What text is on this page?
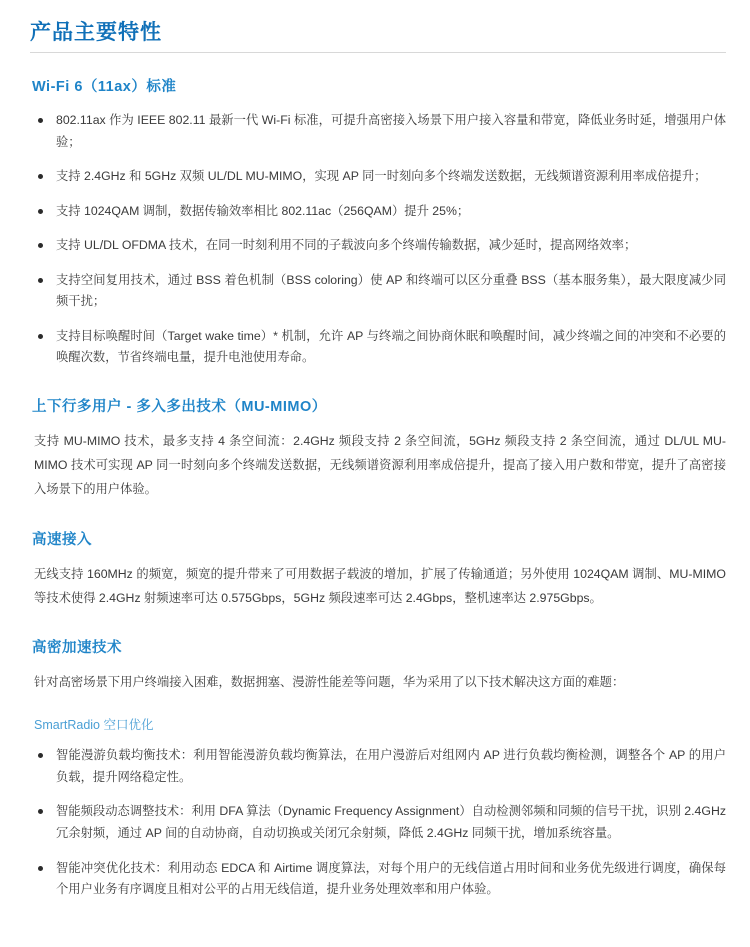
产品主要特性
Wi-Fi 6（11ax）标准
802.11ax 作为 IEEE 802.11 最新一代 Wi-Fi 标准，可提升高密接入场景下用户接入容量和带宽，降低业务时延，增强用户体验；
支持 2.4GHz 和 5GHz 双频 UL/DL MU-MIMO，实现 AP 同一时刻向多个终端发送数据，无线频谱资源利用率成倍提升；
支持 1024QAM 调制，数据传输效率相比 802.11ac（256QAM）提升 25%；
支持 UL/DL OFDMA 技术，在同一时刻利用不同的子载波向多个终端传输数据，减少延时，提高网络效率；
支持空间复用技术，通过 BSS 着色机制（BSS coloring）使 AP 和终端可以区分重叠 BSS（基本服务集），最大限度减少同频干扰；
支持目标唤醒时间（Target wake time）* 机制，允许 AP 与终端之间协商休眠和唤醒时间，减少终端之间的冲突和不必要的唤醒次数，节省终端电量，提升电池使用寿命。
上下行多用户 - 多入多出技术（MU-MIMO）

支持 MU-MIMO 技术，最多支持 4 条空间流：2.4GHz 频段支持 2 条空间流，5GHz 频段支持 2 条空间流，通过 DL/UL MU-MIMO 技术可实现 AP 同一时刻向多个终端发送数据，无线频谱资源利用率成倍提升，提高了接入用户数和带宽，提升了高密接入场景下的用户体验。

高速接入

无线支持 160MHz 的频宽，频宽的提升带来了可用数据子载波的增加，扩展了传输通道；另外使用 1024QAM 调制、MU-MIMO 等技术使得 2.4GHz 射频速率可达 0.575Gbps，5GHz 频段速率可达 2.4Gbps，整机速率达 2.975Gbps。

高密加速技术

针对高密场景下用户终端接入困难，数据拥塞、漫游性能差等问题，华为采用了以下技术解决这方面的难题：

SmartRadio 空口优化
智能漫游负载均衡技术：利用智能漫游负载均衡算法，在用户漫游后对组网内 AP 进行负载均衡检测，调整各个 AP 的用户负载，提升网络稳定性。
智能频段动态调整技术：利用 DFA 算法（Dynamic Frequency Assignment）自动检测邻频和同频的信号干扰，识别 2.4GHz 冗余射频，通过 AP 间的自动协商，自动切换或关闭冗余射频，降低 2.4GHz 同频干扰，增加系统容量。
智能冲突优化技术：利用动态 EDCA 和 Airtime 调度算法，对每个用户的无线信道占用时间和业务优先级进行调度，确保每个用户业务有序调度且相对公平的占用无线信道，提升业务处理效率和用户体验。
